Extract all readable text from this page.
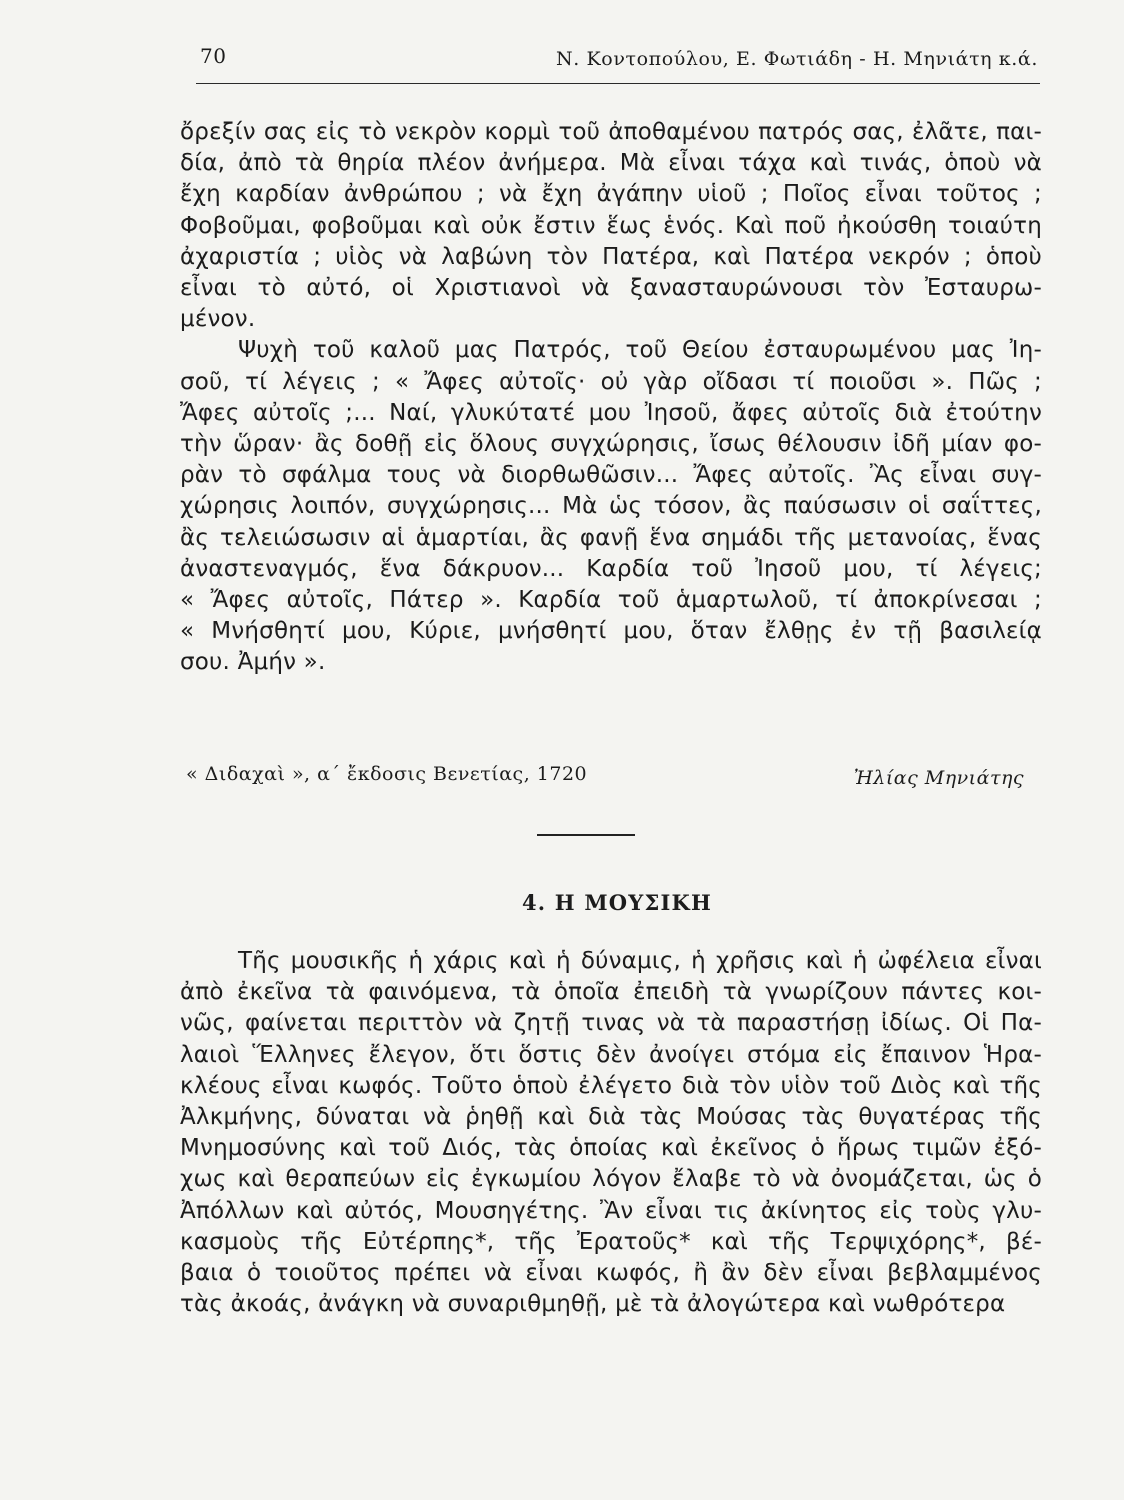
70	Ν. Κοντοπούλου, Ε. Φωτιάδη - Η. Μηνιάτη κ.ά.
ὄρεξίν σας εἰς τὸ νεκρὸν κορμὶ τοῦ ἀποθαμένου πατρός σας, ἐλᾶτε, παι-
δία, ἀπὸ τὰ θηρία πλέον ἀνήμερα. Μὰ εἶναι τάχα καὶ τινάς, ὁποὺ νὰ
ἔχη καρδίαν ἀνθρώπου ; νὰ ἔχη ἀγάπην υἱοῦ ; Ποῖος εἶναι τοῦτος ;
Φοβοῦμαι, φοβοῦμαι καὶ οὐκ ἔστιν ἕως ἑνός. Καὶ ποῦ ἠκούσθη τοιαύτη
ἀχαριστία ; υἱὸς νὰ λαβώνη τὸν Πατέρα, καὶ Πατέρα νεκρόν ; ὁποὺ
εἶναι τὸ αὐτό, οἱ Χριστιανοὶ νὰ ξανασταυρώνουσι τὸν Ἐσταυρω-
μένον.
Ψυχὴ τοῦ καλοῦ μας Πατρός, τοῦ Θείου ἐσταυρωμένου μας Ἰη-
σοῦ, τί λέγεις ; « Ἄφες αὐτοῖς· οὐ γὰρ οἴδασι τί ποιοῦσι ». Πῶς ;
Ἄφες αὐτοῖς ;... Ναί, γλυκύτατέ μου Ἰησοῦ, ἄφες αὐτοῖς διὰ ἐτούτην
τὴν ὥραν· ἂς δοθῇ εἰς ὅλους συγχώρησις, ἴσως θέλουσιν ἰδῆ μίαν φο-
ρὰν τὸ σφάλμα τους νὰ διορθωθῶσιν... Ἄφες αὐτοῖς. Ἂς εἶναι συγ-
χώρησις λοιπόν, συγχώρησις... Μὰ ὡς τόσον, ἂς παύσωσιν οἱ σαΐττες,
ἂς τελειώσωσιν αἱ ἁμαρτίαι, ἂς φανῇ ἕνα σημάδι τῆς μετανοίας, ἕνας
ἀναστεναγμός, ἕνα δάκρυον... Καρδία τοῦ Ἰησοῦ μου, τί λέγεις;
« Ἄφες αὐτοῖς, Πάτερ ». Καρδία τοῦ ἁμαρτωλοῦ, τί ἀποκρίνεσαι ;
« Μνήσθητί μου, Κύριε, μνήσθητί μου, ὅταν ἔλθῃς ἐν τῇ βασιλείᾳ
σου. Ἀμήν ».
« Διδαχαὶ », α΄ ἔκδοσις Βενετίας, 1720	Ἠλίας Μηνιάτης
4. Η ΜΟΥΣΙΚΗ
Τῆς μουσικῆς ἡ χάρις καὶ ἡ δύναμις, ἡ χρῆσις καὶ ἡ ὠφέλεια εἶναι
ἀπὸ ἐκεῖνα τὰ φαινόμενα, τὰ ὁποῖα ἐπειδὴ τὰ γνωρίζουν πάντες κοι-
νῶς, φαίνεται περιττὸν νὰ ζητῇ τινας νὰ τὰ παραστήσῃ ἰδίως. Οἱ Πα-
λαιοὶ Ἕλληνες ἔλεγον, ὅτι ὅστις δὲν ἀνοίγει στόμα εἰς ἔπαινον Ἡρα-
κλέους εἶναι κωφός. Τοῦτο ὁποὺ ἐλέγετο διὰ τὸν υἱὸν τοῦ Διὸς καὶ τῆς
Ἀλκμήνης, δύναται νὰ ῥηθῇ καὶ διὰ τὰς Μούσας τὰς θυγατέρας τῆς
Μνημοσύνης καὶ τοῦ Διός, τὰς ὁποίας καὶ ἐκεῖνος ὁ ἥρως τιμῶν ἐξό-
χως καὶ θεραπεύων εἰς ἐγκωμίου λόγον ἔλαβε τὸ νὰ ὀνομάζεται, ὡς ὁ
Ἀπόλλων καὶ αὐτός, Μουσηγέτης. Ἂν εἶναι τις ἀκίνητος εἰς τοὺς γλυ-
κασμοὺς τῆς Εὐτέρπης*, τῆς Ἐρατοῦς* καὶ τῆς Τερψιχόρης*, βέ-
βαια ὁ τοιοῦτος πρέπει νὰ εἶναι κωφός, ἢ ἂν δὲν εἶναι βεβλαμμένος
τὰς ἀκοάς, ἀνάγκη νὰ συναριθμηθῇ, μὲ τὰ ἀλογώτερα καὶ νωθρότερα
